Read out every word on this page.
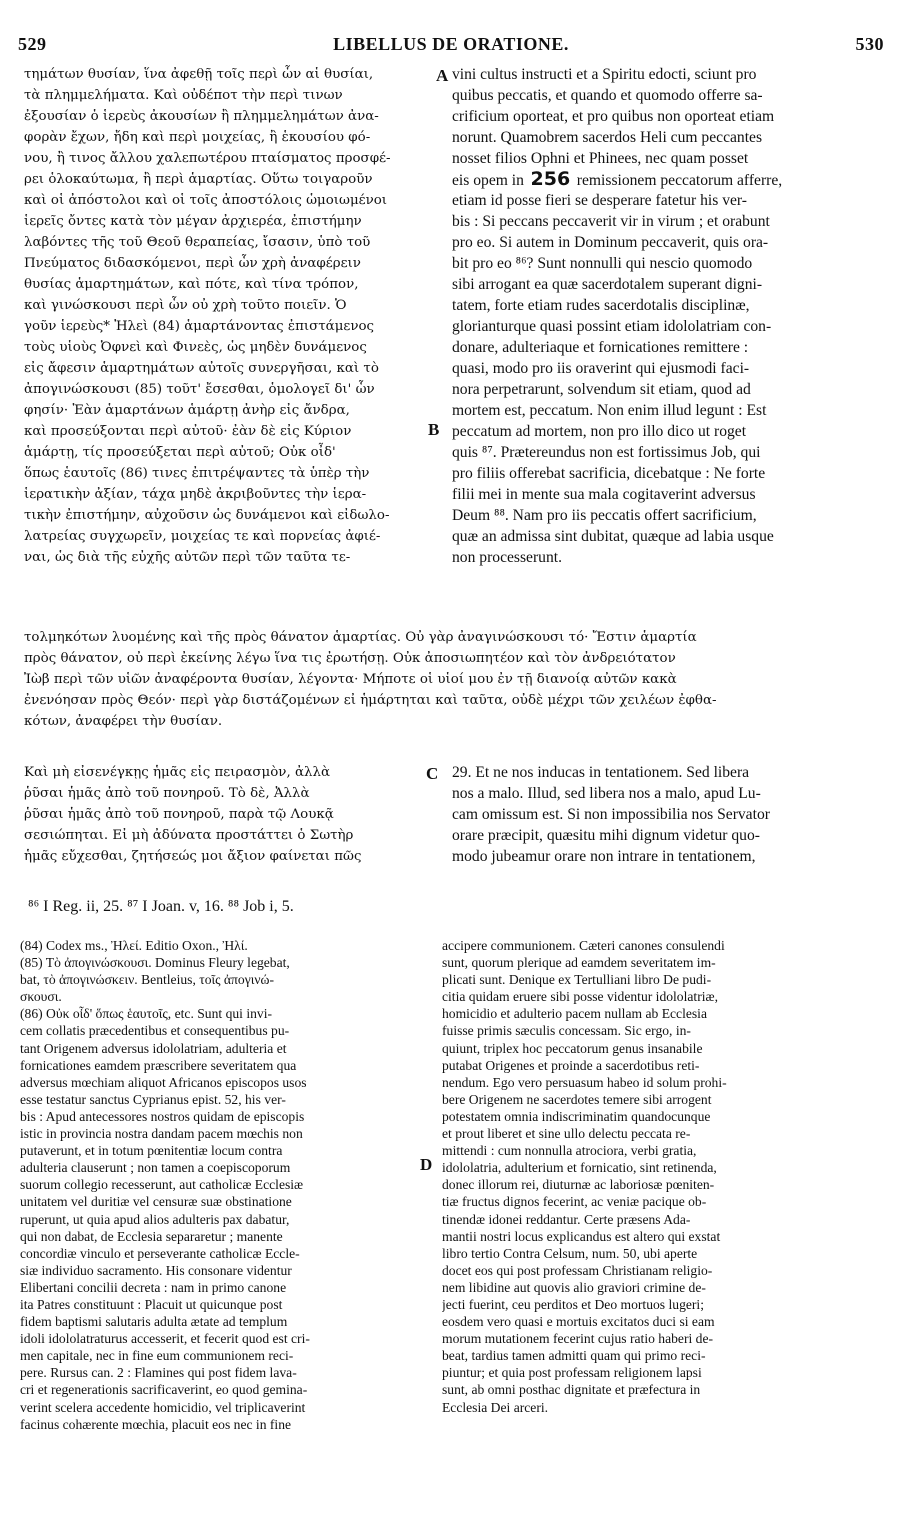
529	LIBELLUS DE ORATIONE.	530
τημάτων θυσίαν, ἵνα ἀφεθῇ τοῖς περὶ ὧν αἱ θυσίαι,
τὰ πλημμελήματα. Καὶ οὐδέποτ τὴν περὶ τινων
ἐξουσίαν ὁ ἱερεὺς ἀκουσίων ἢ πλημμελημάτων ἀνα-
φορὰν ἔχων, ἤδη καὶ περὶ μοιχείας, ἢ ἑκουσίου φό-
νου, ἢ τινος ἄλλου χαλεπωτέρου πταίσματος προσφέ-
ρει ὁλοκαύτωμα, ἢ περὶ ἁμαρτίας. Οὕτω τοιγαροῦν
καὶ οἱ ἀπόστολοι καὶ οἱ τοῖς ἀποστόλοις ὡμοιωμένοι
ἱερεῖς ὄντες κατὰ τὸν μέγαν ἀρχιερέα, ἐπιστήμην
λαβόντες τῆς τοῦ Θεοῦ θεραπείας, ἴσασιν, ὑπὸ τοῦ
Πνεύματος διδασκόμενοι, περὶ ὧν χρὴ ἀναφέρειν
θυσίας ἁμαρτημάτων, καὶ πότε, καὶ τίνα τρόπον,
καὶ γινώσκουσι περὶ ὧν οὐ χρὴ τοῦτο ποιεῖν. Ὁ
γοῦν ἱερεὺς* Ἠλεὶ (84) ἁμαρτάνοντας ἐπιστάμενος
τοὺς υἱοὺς Ὀφνεὶ καὶ Φινεὲς, ὡς μηδὲν δυνάμενος
εἰς ἄφεσιν ἁμαρτημάτων αὐτοῖς συνεργῆσαι, καὶ τὸ
ἀπογινώσκουσι (85) τοῦτ' ἔσεσθαι, ὁμολογεῖ δι' ὧν
φησίν· Ἐὰν ἁμαρτάνων ἁμάρτῃ ἀνὴρ εἰς ἄνδρα,
καὶ προσεύξονται περὶ αὐτοῦ· ἐὰν δὲ εἰς Κύριον
ἁμάρτῃ, τίς προσεύξεται περὶ αὐτοῦ; Οὐκ οἶδ'
ὅπως ἑαυτοῖς (86) τινες ἐπιτρέψαντες τὰ ὑπὲρ τὴν
ἱερατικὴν ἀξίαν, τάχα μηδὲ ἀκριβοῦντες τὴν ἱερα-
τικὴν ἐπιστήμην, αὐχοῦσιν ὡς δυνάμενοι καὶ εἰδωλο-
λατρείας συγχωρεῖν, μοιχείας τε καὶ πορνείας ἀφιέ-
ναι, ὡς διὰ τῆς εὐχῆς αὐτῶν περὶ τῶν ταῦτα τε-
vini cultus instructi et a Spiritu edocti, sciunt pro
quibus peccatis, et quando et quomodo offerre sa-
crificium oporteat, et pro quibus non oporteat etiam
norunt. Quamobrem sacerdos Heli cum peccantes
nosset filios Ophni et Phinees, nec quam posset
eis opem in 256 remissionem peccatorum afferre,
etiam id posse fieri se desperare fatetur his ver-
bis : Si peccans peccaverit vir in virum ; et orabunt
pro eo. Si autem in Dominum peccaverit, quis ora-
bit pro eo ⁸⁶? Sunt nonnulli qui nescio quomodo
sibi arrogant ea quæ sacerdotalem superant digni-
tatem, forte etiam rudes sacerdotalis disciplinæ,
glorianturque quasi possint etiam idololatriam con-
donare, adulteriaque et fornicationes remittere :
quasi, modo pro iis oraverint qui ejusmodi faci-
nora perpetrarunt, solvendum sit etiam, quod ad
mortem est, peccatum. Non enim illud legunt : Est
peccatum ad mortem, non pro illo dico ut roget
quis ⁸⁷. Prætereundus non est fortissimus Job, qui
pro filiis offerebat sacrificia, dicebatque : Ne forte
filii mei in mente sua mala cogitaverint adversus
Deum ⁸⁸. Nam pro iis peccatis offert sacrificium,
quæ an admissa sint dubitat, quæque ad labia usque
non processerunt.
τολμηκότων λυομένης καὶ τῆς πρὸς θάνατον ἁμαρτίας. Οὐ γὰρ ἀναγινώσκουσι τό· Ἔστιν ἁμαρτία
πρὸς θάνατον, οὐ περὶ ἐκείνης λέγω ἵνα τις ἐρωτήσῃ. Οὐκ ἀποσιωπητέον καὶ τὸν ἀνδρειότατον
Ἰὼβ περὶ τῶν υἱῶν ἀναφέροντα θυσίαν, λέγοντα· Μήποτε οἱ υἱοί μου ἐν τῇ διανοίᾳ αὐτῶν κακὰ
ἐνενόησαν πρὸς Θεόν· περὶ γὰρ διστάζομένων εἰ ἡμάρτηται καὶ ταῦτα, οὐδὲ μέχρι τῶν χειλέων ἐφθα-
κότων, ἀναφέρει τὴν θυσίαν.
Καὶ μὴ εἰσενέγκῃς ἡμᾶς εἰς πειρασμὸν, ἀλλὰ
ῥῦσαι ἡμᾶς ἀπὸ τοῦ πονηροῦ. Τὸ δὲ, Ἀλλὰ
ῥῦσαι ἡμᾶς ἀπὸ τοῦ πονηροῦ, παρὰ τῷ Λουκᾷ
σεσιώπηται. Εἰ μὴ ἀδύνατα προστάττει ὁ Σωτὴρ
ἡμᾶς εὔχεσθαι, ζητήσεώς μοι ἄξιον φαίνεται πῶς
29. Et ne nos inducas in tentationem. Sed libera
nos a malo. Illud, sed libera nos a malo, apud Lu-
cam omissum est. Si non impossibilia nos Servator
orare præcipit, quæsitu mihi dignum videtur quo-
modo jubeamur orare non intrare in tentationem,
A
B
C
D
⁸⁶ I Reg. ii, 25. ⁸⁷ I Joan. v, 16. ⁸⁸ Job i, 5.
(84) Codex ms., Ἠλεί. Editio Oxon., Ἠλί.
(85) Τὸ ἀπογινώσκουσι. Dominus Fleury legebat,
bat, τὸ ἀπογινώσκειν. Bentleius, τοῖς ἀπογινώ-
σκουσι.
(86) Οὐκ οἶδ' ὅπως ἑαυτοῖς, etc. Sunt qui invi-
cem collatis præcedentibus et consequentibus pu-
tant Origenem adversus idololatriam, adulteria et
fornicationes eamdem præscribere severitatem qua
adversus mœchiam aliquot Africanos episcopos usos
esse testatur sanctus Cyprianus epist. 52, his ver-
bis : Apud antecessores nostros quidam de episcopis
istic in provincia nostra dandam pacem mœchis non
putaverunt, et in totum pœnitentiæ locum contra
adulteria clauserunt ; non tamen a coepiscoporum
suorum collegio recesserunt, aut catholicæ Ecclesiæ
unitatem vel duritiæ vel censuræ suæ obstinatione
ruperunt, ut quia apud alios adulteris pax dabatur,
qui non dabat, de Ecclesia separaretur ; manente
concordiæ vinculo et perseverante catholicæ Eccle-
siæ individuo sacramento. His consonare videntur
Elibertani concilii decreta : nam in primo canone
ita Patres constituunt : Placuit ut quicunque post
fidem baptismi salutaris adulta ætate ad templum
idoli idololatraturus accesserit, et fecerit quod est cri-
men capitale, nec in fine eum communionem reci-
pere. Rursus can. 2 : Flamines qui post fidem lava-
cri et regenerationis sacrificaverint, eo quod gemina-
verint scelera accedente homicidio, vel triplicaverint
facinus cohærente mœchia, placuit eos nec in fine
accipere communionem. Cæteri canones consulendi
sunt, quorum plerique ad eamdem severitatem im-
plicati sunt. Denique ex Tertulliani libro De pudi-
citia quidam eruere sibi posse videntur idololatriæ,
homicidio et adulterio pacem nullam ab Ecclesia
fuisse primis sæculis concessam. Sic ergo, in-
quiunt, triplex hoc peccatorum genus insanabile
putabat Origenes et proinde a sacerdotibus reti-
nendum. Ego vero persuasum habeo id solum prohi-
bere Origenem ne sacerdotes temere sibi arrogent
potestatem omnia indiscriminatim quandocunque
et prout liberet et sine ullo delectu peccata re-
mittendi : cum nonnulla atrociora, verbi gratia,
idololatria, adulterium et fornicatio, sint retinenda,
donec illorum rei, diuturnæ ac laboriosæ pœniten-
tiæ fructus dignos fecerint, ac veniæ pacique ob-
tinendæ idonei reddantur. Certe præsens Ada-
mantii nostri locus explicandus est altero qui exstat
libro tertio Contra Celsum, num. 50, ubi aperte
docet eos qui post professam Christianam religio-
nem libidine aut quovis alio graviori crimine de-
jecti fuerint, ceu perditos et Deo mortuos lugeri;
eosdem vero quasi e mortuis excitatos duci si eam
morum mutationem fecerint cujus ratio haberi de-
beat, tardius tamen admitti quam qui primo reci-
piuntur; et quia post professam religionem lapsi
sunt, ab omni posthac dignitate et præfectura in
Ecclesia Dei arceri.
